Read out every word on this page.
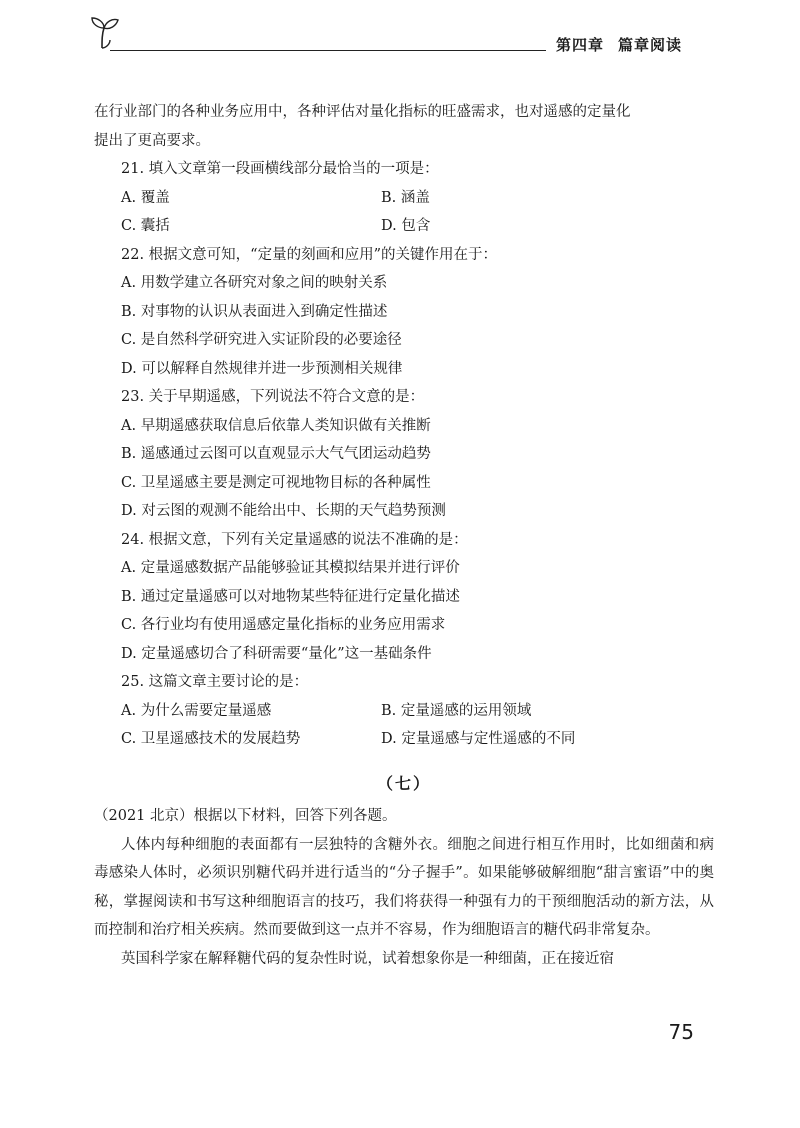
第四章 篇章阅读
在行业部门的各种业务应用中，各种评估对量化指标的旺盛需求，也对遥感的定量化
提出了更高要求。
21. 填入文章第一段画横线部分最恰当的一项是：
A. 覆盖	B. 涵盖
C. 囊括	D. 包含
22. 根据文意可知，“定量的刻画和应用”的关键作用在于：
A. 用数学建立各研究对象之间的映射关系
B. 对事物的认识从表面进入到确定性描述
C. 是自然科学研究进入实证阶段的必要途径
D. 可以解释自然规律并进一步预测相关规律
23. 关于早期遥感，下列说法不符合文意的是：
A. 早期遥感获取信息后依靠人类知识做有关推断
B. 遥感通过云图可以直观显示大气气团运动趋势
C. 卫星遥感主要是测定可视地物目标的各种属性
D. 对云图的观测不能给出中、长期的天气趋势预测
24. 根据文意，下列有关定量遥感的说法不准确的是：
A. 定量遥感数据产品能够验证其模拟结果并进行评价
B. 通过定量遥感可以对地物某些特征进行定量化描述
C. 各行业均有使用遥感定量化指标的业务应用需求
D. 定量遥感切合了科研需要“量化”这一基础条件
25. 这篇文章主要讨论的是：
A. 为什么需要定量遥感	B. 定量遥感的运用领域
C. 卫星遥感技术的发展趋势	D. 定量遥感与定性遥感的不同
（七）
（2021 北京）根据以下材料，回答下列各题。
人体内每种细胞的表面都有一层独特的含糖外衣。细胞之间进行相互作用时，比如细菌和病毒感染人体时，必须识别糖代码并进行适当的“分子握手”。如果能够破解细胞“甜言蜜语”中的奥秘，掌握阅读和书写这种细胞语言的技巧，我们将获得一种强有力的干预细胞活动的新方法，从而控制和治疗相关疾病。然而要做到这一点并不容易，作为细胞语言的糖代码非常复杂。
英国科学家在解释糖代码的复杂性时说，试着想象你是一种细菌，正在接近宿
75
